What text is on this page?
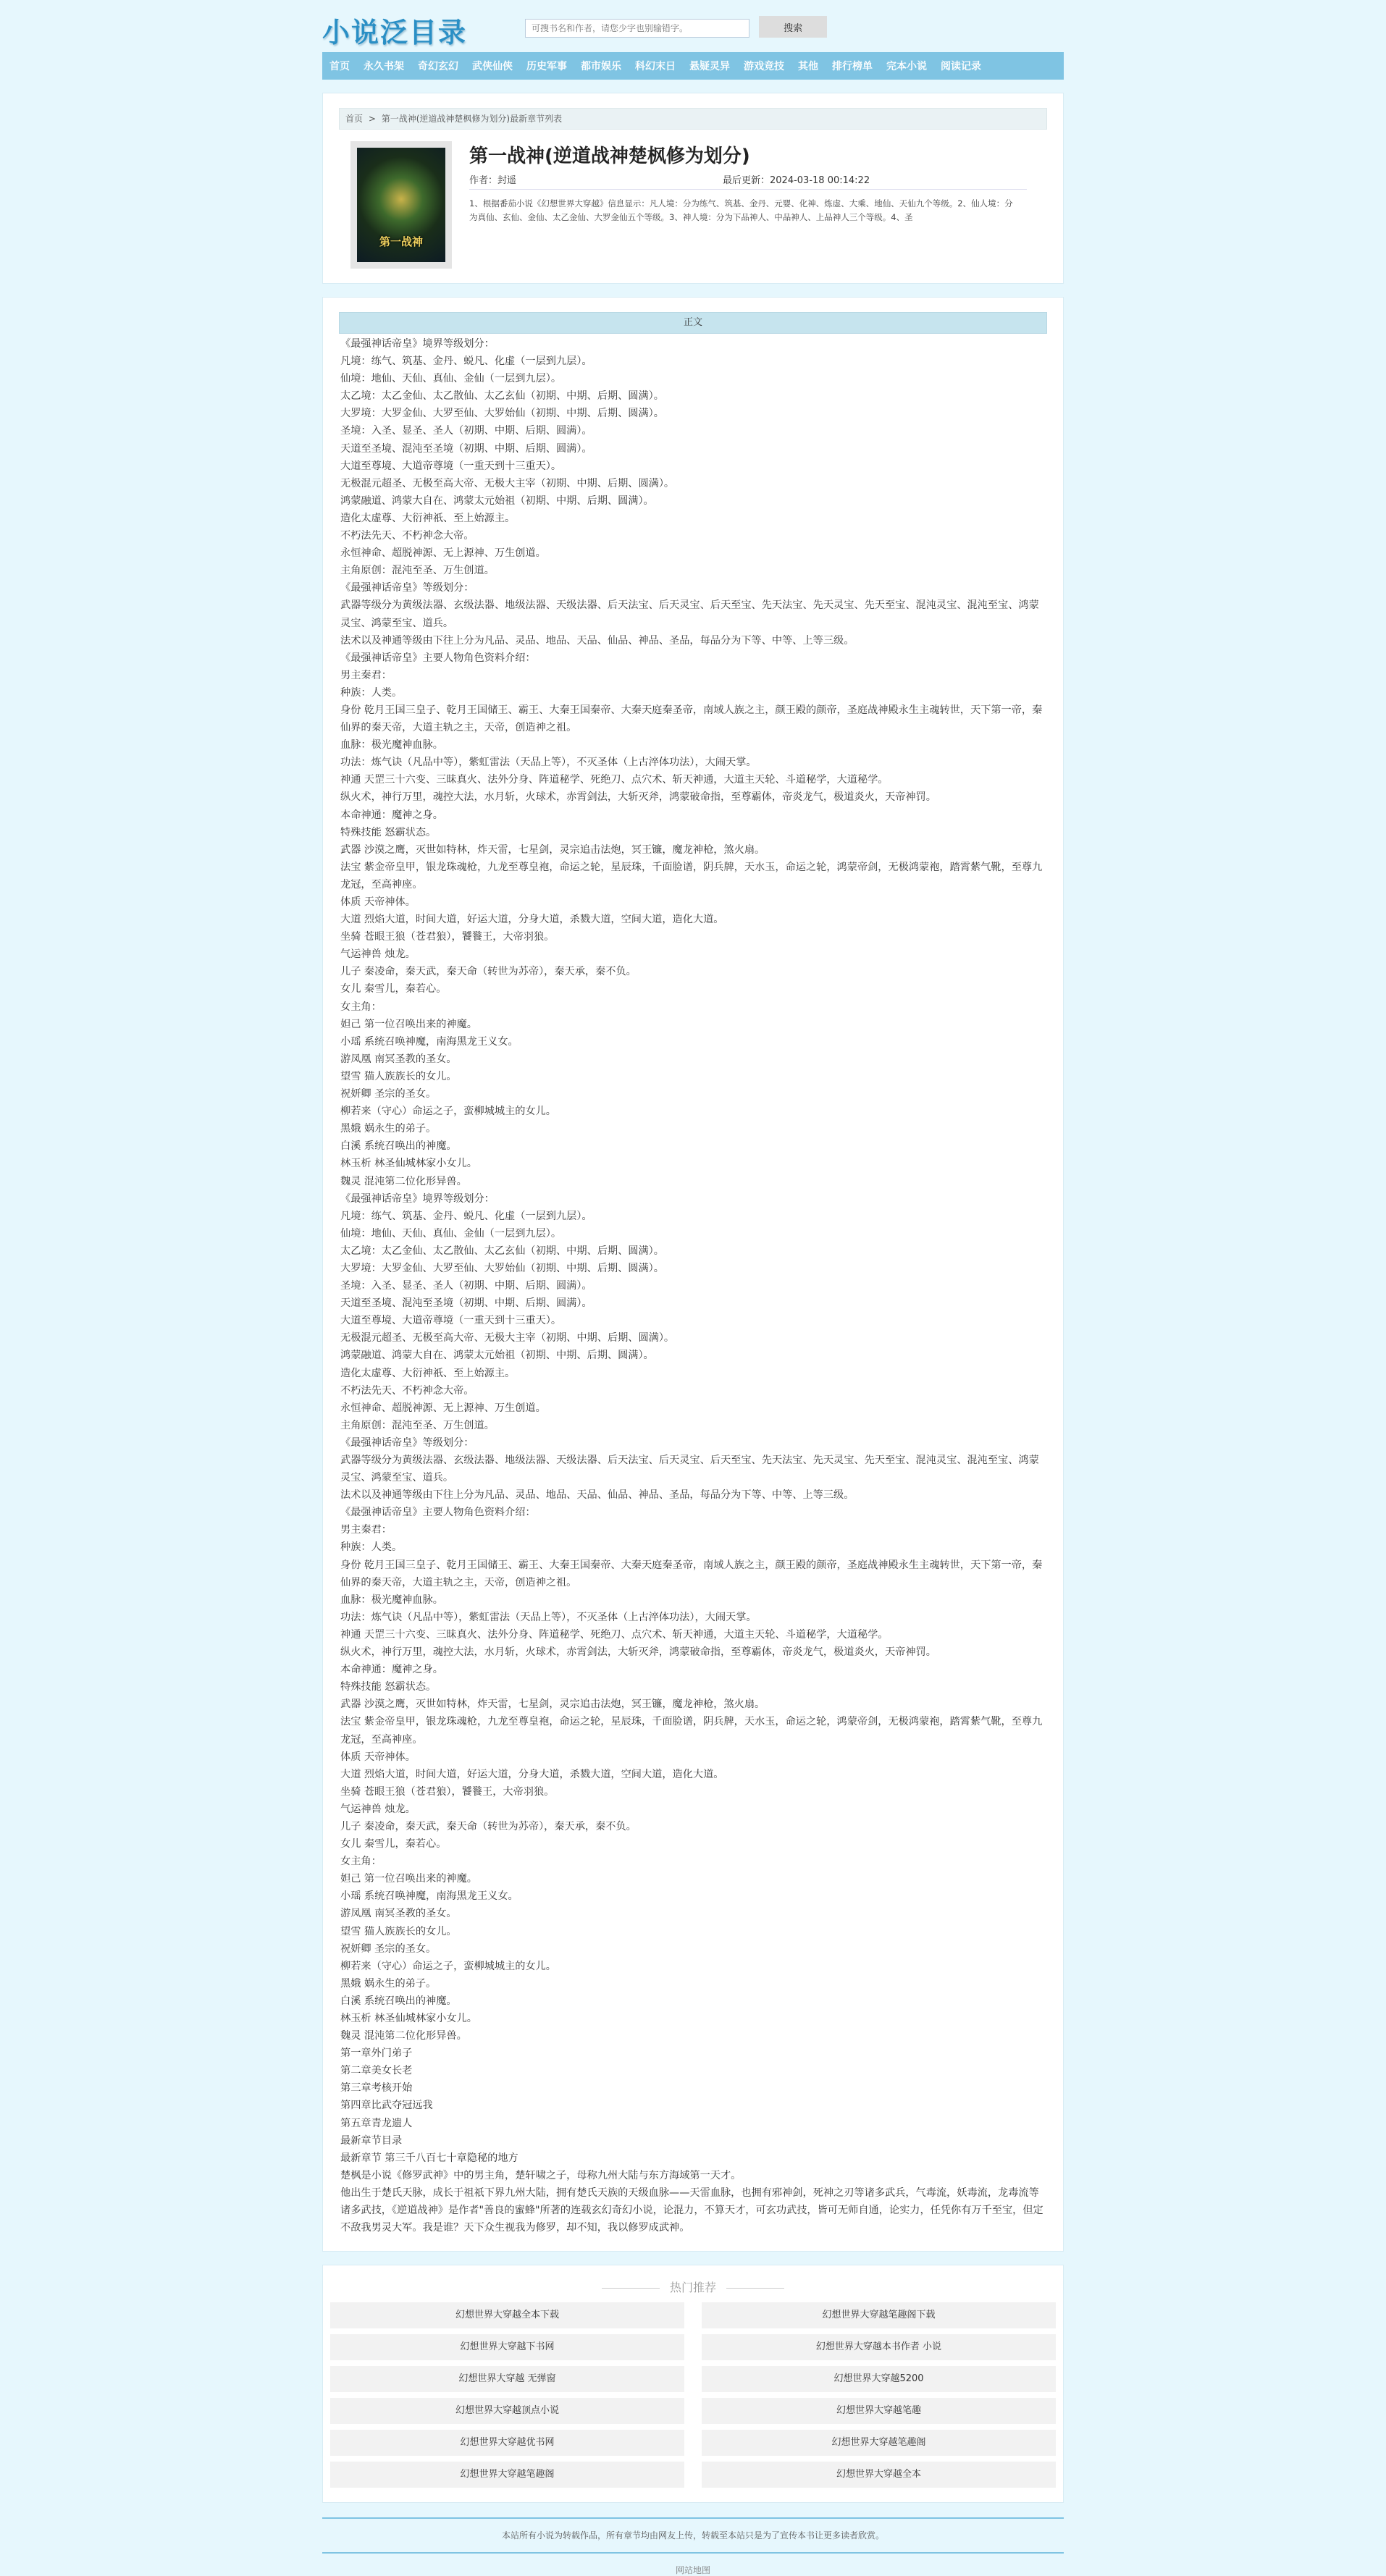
小说泛目录
可搜书名和作者，请您少字也别输错字。	搜索
首页 永久书架 奇幻玄幻 武侠仙侠 历史军事 都市娱乐 科幻末日 悬疑灵异 游戏竞技 其他 排行榜单 完本小说 阅读记录
首页 > 第一战神(逆道战神楚枫修为划分)最新章节列表
第一战神
第一战神(逆道战神楚枫修为划分)
作者：封遥	最后更新：2024-03-18 00:14:22
1、根据番茄小说《幻想世界大穿越》信息显示：凡人境：分为练气、筑基、金丹、元婴、化神、炼虚、大乘、地仙、天仙九个等级。2、仙人境：分为真仙、玄仙、金仙、太乙金仙、大罗金仙五个等级。3、神人境：分为下品神人、中品神人、上品神人三个等级。4、圣
正文

《最强神话帝皇》境界等级划分：

凡境：练气、筑基、金丹、蜕凡、化虚（一层到九层）。

仙境：地仙、天仙、真仙、金仙（一层到九层）。

太乙境：太乙金仙、太乙散仙、太乙玄仙（初期、中期、后期、圆满）。

大罗境：大罗金仙、大罗至仙、大罗始仙（初期、中期、后期、圆满）。

圣境：入圣、显圣、圣人（初期、中期、后期、圆满）。

天道至圣境、混沌至圣境（初期、中期、后期、圆满）。

大道至尊境、大道帝尊境（一重天到十三重天）。

无极混元超圣、无极至高大帝、无极大主宰（初期、中期、后期、圆满）。

鸿蒙融道、鸿蒙大自在、鸿蒙太元始祖（初期、中期、后期、圆满）。

造化太虚尊、大衍神祇、至上始源主。

不朽法先天、不朽神念大帝。

永恒神命、超脱神源、无上源神、万生创道。

主角原创：混沌至圣、万生创道。

《最强神话帝皇》等级划分：

武器等级分为黄级法器、玄级法器、地级法器、天级法器、后天法宝、后天灵宝、后天至宝、先天法宝、先天灵宝、先天至宝、混沌灵宝、混沌至宝、鸿蒙灵宝、鸿蒙至宝、道兵。

法术以及神通等级由下往上分为凡品、灵品、地品、天品、仙品、神品、圣品，每品分为下等、中等、上等三级。

《最强神话帝皇》主要人物角色资料介绍：

男主秦君：

种族：人类。

身份 乾月王国三皇子、乾月王国储王、霸王、大秦王国秦帝、大秦天庭秦圣帝，南域人族之主，颜王殿的颜帝，圣庭战神殿永生主魂转世，天下第一帝，秦仙界的秦天帝，大道主轨之主，天帝，创造神之祖。

血脉：极光魔神血脉。

功法：炼气诀（凡品中等），紫虹雷法（天品上等），不灭圣体（上古淬体功法），大闹天掌。

神通 天罡三十六变、三昧真火、法外分身、阵道秘学、死绝刀、点穴术、斩天神通，大道主天轮、斗道秘学，大道秘学。

纵火术，神行万里，魂控大法，水月斩，火球术，赤霄剑法，大斩灭斧，鸿蒙破命指，至尊霸体，帝炎龙气，极道炎火，天帝神罚。

本命神通：魔神之身。

特殊技能 怒霸状态。

武器 沙漠之鹰，灭世如特林，炸天雷，七星剑，灵宗追击法炮，冥王镰，魔龙神枪，煞火扇。

法宝 紫金帝皇甲，银龙珠魂枪，九龙至尊皇袍，命运之轮，星辰珠，千面脸谱，阴兵牌，天水玉，命运之轮，鸿蒙帝剑，无极鸿蒙袍，踏霄紫气靴，至尊九龙冠，至高神座。

体质 天帝神体。

大道 烈焰大道，时间大道，好运大道，分身大道，杀戮大道，空间大道，造化大道。

坐骑 苍眼王狼（苍君狼），饕餮王，大帝羽狼。

气运神兽 烛龙。

儿子 秦凌命，秦天武，秦天命（转世为苏帝），秦天承，秦不负。

女儿 秦雪儿，秦若心。

女主角：

妲己 第一位召唤出来的神魔。

小瑶 系统召唤神魔，南海黑龙王义女。

游凤凰 南冥圣教的圣女。

望雪 猫人族族长的女儿。

祝妍卿 圣宗的圣女。

柳若来（守心）命运之子，蛮柳城城主的女儿。

黑娥 娲永生的弟子。

白溪 系统召唤出的神魔。

林玉析 林圣仙城林家小女儿。

魏灵 混沌第二位化形异兽。

《最强神话帝皇》境界等级划分：

凡境：练气、筑基、金丹、蜕凡、化虚（一层到九层）。

仙境：地仙、天仙、真仙、金仙（一层到九层）。

太乙境：太乙金仙、太乙散仙、太乙玄仙（初期、中期、后期、圆满）。

大罗境：大罗金仙、大罗至仙、大罗始仙（初期、中期、后期、圆满）。

圣境：入圣、显圣、圣人（初期、中期、后期、圆满）。

天道至圣境、混沌至圣境（初期、中期、后期、圆满）。

大道至尊境、大道帝尊境（一重天到十三重天）。

无极混元超圣、无极至高大帝、无极大主宰（初期、中期、后期、圆满）。

鸿蒙融道、鸿蒙大自在、鸿蒙太元始祖（初期、中期、后期、圆满）。

造化太虚尊、大衍神祇、至上始源主。

不朽法先天、不朽神念大帝。

永恒神命、超脱神源、无上源神、万生创道。

主角原创：混沌至圣、万生创道。

《最强神话帝皇》等级划分：

武器等级分为黄级法器、玄级法器、地级法器、天级法器、后天法宝、后天灵宝、后天至宝、先天法宝、先天灵宝、先天至宝、混沌灵宝、混沌至宝、鸿蒙灵宝、鸿蒙至宝、道兵。

法术以及神通等级由下往上分为凡品、灵品、地品、天品、仙品、神品、圣品，每品分为下等、中等、上等三级。

《最强神话帝皇》主要人物角色资料介绍：

男主秦君：

种族：人类。

身份 乾月王国三皇子、乾月王国储王、霸王、大秦王国秦帝、大秦天庭秦圣帝，南域人族之主，颜王殿的颜帝，圣庭战神殿永生主魂转世，天下第一帝，秦仙界的秦天帝，大道主轨之主，天帝，创造神之祖。

血脉：极光魔神血脉。

功法：炼气诀（凡品中等），紫虹雷法（天品上等），不灭圣体（上古淬体功法），大闹天掌。

神通 天罡三十六变、三昧真火、法外分身、阵道秘学、死绝刀、点穴术、斩天神通，大道主天轮、斗道秘学，大道秘学。

纵火术，神行万里，魂控大法，水月斩，火球术，赤霄剑法，大斩灭斧，鸿蒙破命指，至尊霸体，帝炎龙气，极道炎火，天帝神罚。

本命神通：魔神之身。

特殊技能 怒霸状态。

武器 沙漠之鹰，灭世如特林，炸天雷，七星剑，灵宗追击法炮，冥王镰，魔龙神枪，煞火扇。

法宝 紫金帝皇甲，银龙珠魂枪，九龙至尊皇袍，命运之轮，星辰珠，千面脸谱，阴兵牌，天水玉，命运之轮，鸿蒙帝剑，无极鸿蒙袍，踏霄紫气靴，至尊九龙冠，至高神座。

体质 天帝神体。

大道 烈焰大道，时间大道，好运大道，分身大道，杀戮大道，空间大道，造化大道。

坐骑 苍眼王狼（苍君狼），饕餮王，大帝羽狼。

气运神兽 烛龙。

儿子 秦凌命，秦天武，秦天命（转世为苏帝），秦天承，秦不负。

女儿 秦雪儿，秦若心。

女主角：

妲己 第一位召唤出来的神魔。

小瑶 系统召唤神魔，南海黑龙王义女。

游凤凰 南冥圣教的圣女。

望雪 猫人族族长的女儿。

祝妍卿 圣宗的圣女。

柳若来（守心）命运之子，蛮柳城城主的女儿。

黑娥 娲永生的弟子。

白溪 系统召唤出的神魔。

林玉析 林圣仙城林家小女儿。

魏灵 混沌第二位化形异兽。

第一章外门弟子

第二章美女长老

第三章考核开始

第四章比武夺冠远我

第五章青龙遗人

最新章节目录

最新章节 第三千八百七十章隐秘的地方

楚枫是小说《修罗武神》中的男主角，楚轩啸之子，母称九州大陆与东方海域第一天才。

他出生于楚氏天脉，成长于祖祇下界九州大陆，拥有楚氏天族的天级血脉——天雷血脉，也拥有邪神剑，死神之刃等诸多武兵，气毒流，妖毒流，龙毒流等诸多武技，《逆道战神》是作者"善良的蜜蜂"所著的连载玄幻奇幻小说，论混力，不算天才，可玄功武技，皆可无师自通，论实力，任凭你有万千至宝，但定不敌我男灵大军。我是谁？天下众生视我为修罗，却不知，我以修罗成武神。

热门推荐
幻想世界大穿越全本下载	幻想世界大穿越笔趣阁下载
幻想世界大穿越下书网	幻想世界大穿越本书作者 小说
幻想世界大穿越 无弹窗	幻想世界大穿越5200
幻想世界大穿越顶点小说	幻想世界大穿越笔趣
幻想世界大穿越优书网	幻想世界大穿越笔趣阁
幻想世界大穿越笔趣阁	幻想世界大穿越全本
本站所有小说为转载作品，所有章节均由网友上传，转载至本站只是为了宣传本书让更多读者欣赏。
网站地图
